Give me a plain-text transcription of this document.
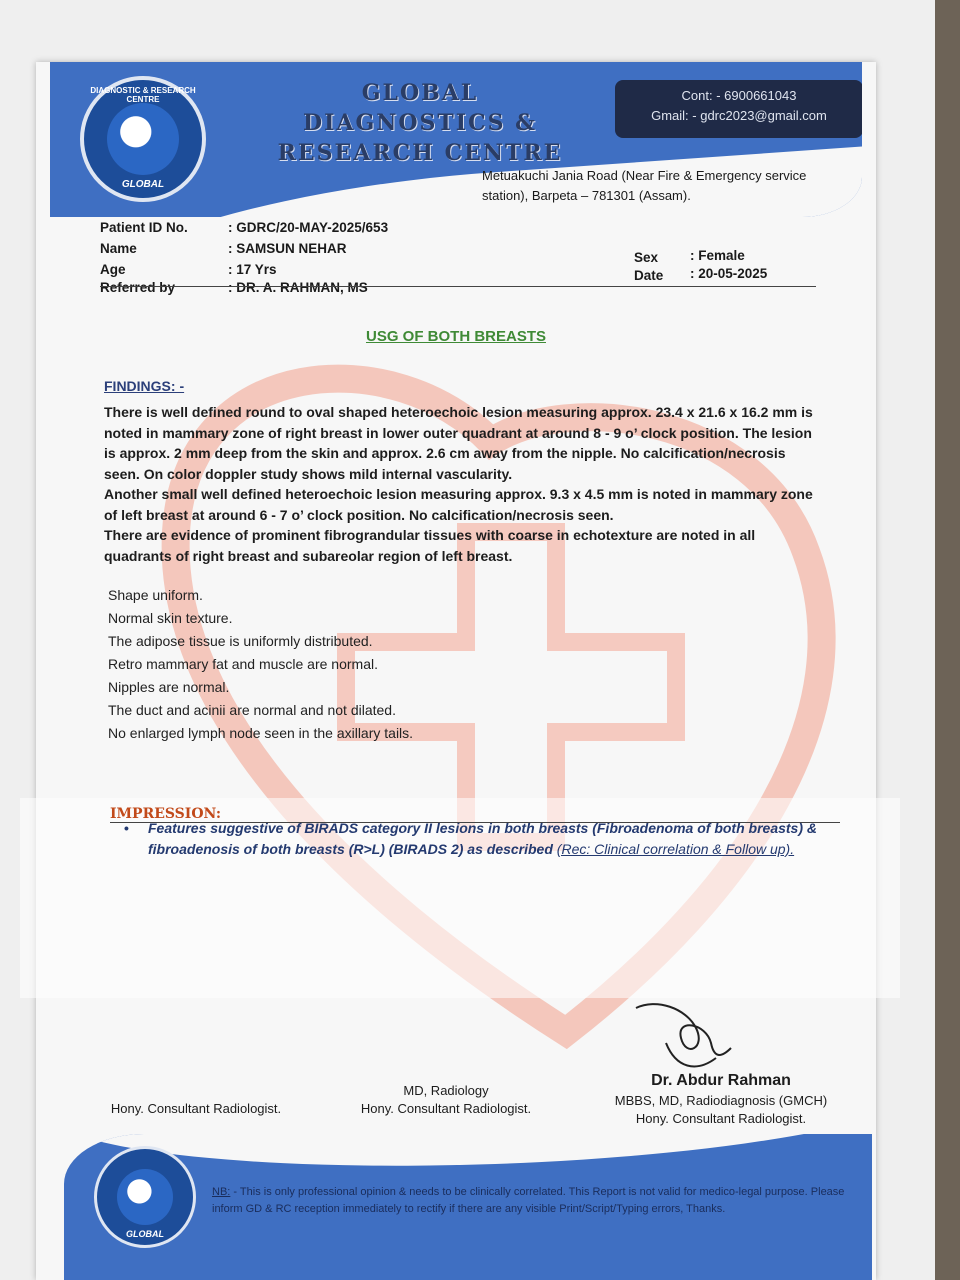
DIAGNOSTIC & RESEARCH CENTRE
GLOBAL
GLOBAL
DIAGNOSTICS &
RESEARCH CENTRE
Cont: - 6900661043
Gmail: - gdrc2023@gmail.com
Metuakuchi Jania Road (Near Fire & Emergency service
station), Barpeta – 781301 (Assam).
Patient ID No.	: GDRC/20-MAY-2025/653
Name	: SAMSUN NEHAR
Age	: 17 Yrs
Referred by	: DR. A. RAHMAN, MS
Sex	: Female
Date	: 20-05-2025
USG OF BOTH BREASTS
FINDINGS: -

There is well defined round to oval shaped heteroechoic lesion measuring approx. 23.4 x 21.6 x 16.2 mm is noted in mammary zone of right breast in lower outer quadrant at around 8 - 9 o’ clock position. The lesion is approx. 2 mm deep from the skin and approx. 2.6 cm away from the nipple. No calcification/necrosis seen. On color doppler study shows mild internal vascularity.

Another small well defined heteroechoic lesion measuring approx. 9.3 x 4.5 mm is noted in mammary zone of left breast at around 6 - 7 o’ clock position. No calcification/necrosis seen.

There are evidence of prominent fibrograndular tissues with coarse in echotexture are noted in all quadrants of right breast and subareolar region of left breast.

Shape uniform.
Normal skin texture.
The adipose tissue is uniformly distributed.
Retro mammary fat and muscle are normal.
Nipples are normal.
The duct and acinii are normal and not dilated.
No enlarged lymph node seen in the axillary tails.
IMPRESSION:
•	Features suggestive of BIRADS category II lesions in both breasts (Fibroadenoma of both breasts) & fibroadenosis of both breasts (R>L) (BIRADS 2) as described (Rec: Clinical correlation & Follow up).
Hony. Consultant Radiologist.
MD, Radiology
Hony. Consultant Radiologist.
Dr. Abdur Rahman
MBBS, MD, Radiodiagnosis (GMCH)
Hony. Consultant Radiologist.
GLOBAL
NB: - This is only professional opinion & needs to be clinically correlated. This Report is not valid for medico-legal purpose. Please inform GD & RC reception immediately to rectify if there are any visible Print/Script/Typing errors, Thanks.
